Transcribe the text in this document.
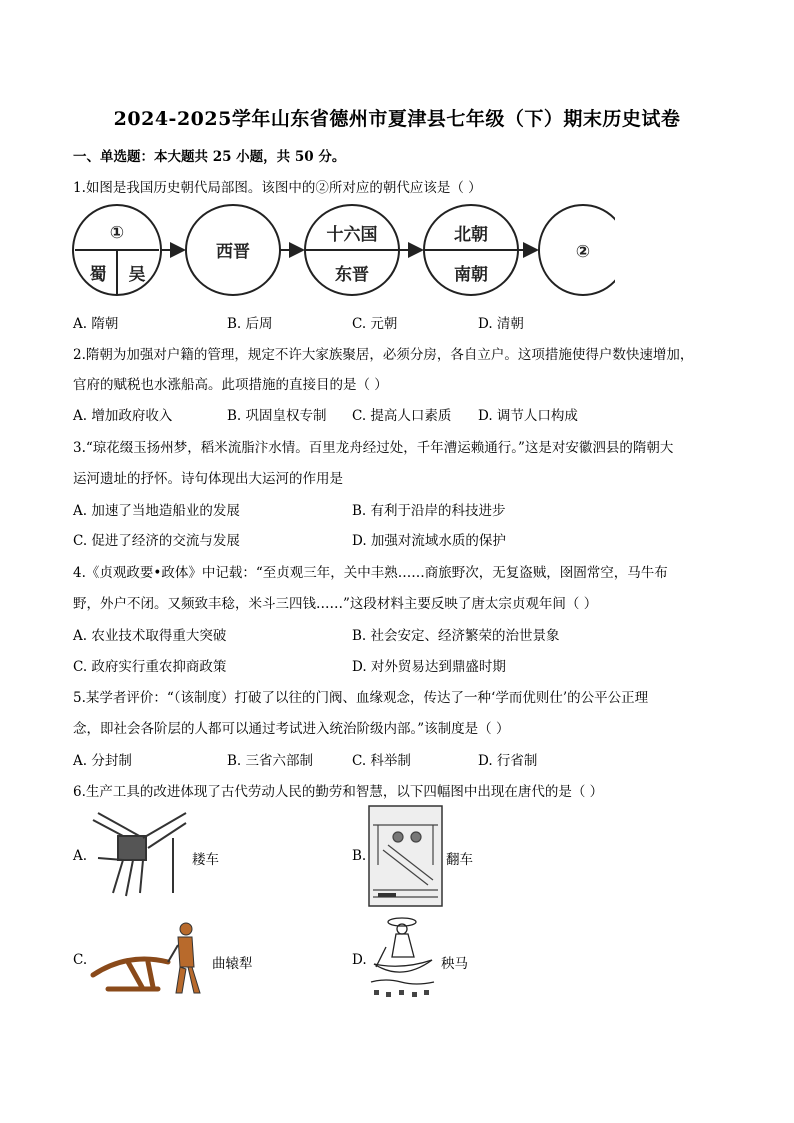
2024-2025学年山东省德州市夏津县七年级（下）期末历史试卷
一、单选题：本大题共 25 小题，共 50 分。
1.如图是我国历史朝代局部图。该图中的②所对应的朝代应该是（ ）
①
蜀 吴
西晋
十六国
东晋
北朝
南朝
②
A. 隋朝	B. 后周	C. 元朝	D. 清朝
2.隋朝为加强对户籍的管理，规定不许大家族聚居，必须分房，各自立户。这项措施使得户数快速增加，
官府的赋税也水涨船高。此项措施的直接目的是（ ）
A. 增加政府收入	B. 巩固皇权专制 C. 提高人口素质 D. 调节人口构成
3.“琼花缀玉扬州梦，稻米流脂汴水情。百里龙舟经过处，千年漕运赖通行。”这是对安徽泗县的隋朝大
运河遗址的抒怀。诗句体现出大运河的作用是
A. 加速了当地造船业的发展	B. 有利于沿岸的科技进步
C. 促进了经济的交流与发展	D. 加强对流域水质的保护
4.《贞观政要•政体》中记载：“至贞观三年，关中丰熟……商旅野次，无复盗贼，囹圄常空，马牛布
野，外户不闭。又频致丰稔，米斗三四钱……”这段材料主要反映了唐太宗贞观年间（ ）
A. 农业技术取得重大突破	B. 社会安定、经济繁荣的治世景象
C. 政府实行重农抑商政策	D. 对外贸易达到鼎盛时期
5.某学者评价：“（该制度）打破了以往的门阀、血缘观念，传达了一种‘学而优则仕’的公平公正理
念，即社会各阶层的人都可以通过考试进入统治阶级内部。”该制度是（ ）
A. 分封制	B. 三省六部制	C. 科举制	D. 行省制
6.生产工具的改进体现了古代劳动人民的勤劳和智慧，以下四幅图中出现在唐代的是（ ）
A.	耧车	B.	翻车
C.	曲辕犁	D.	秧马
